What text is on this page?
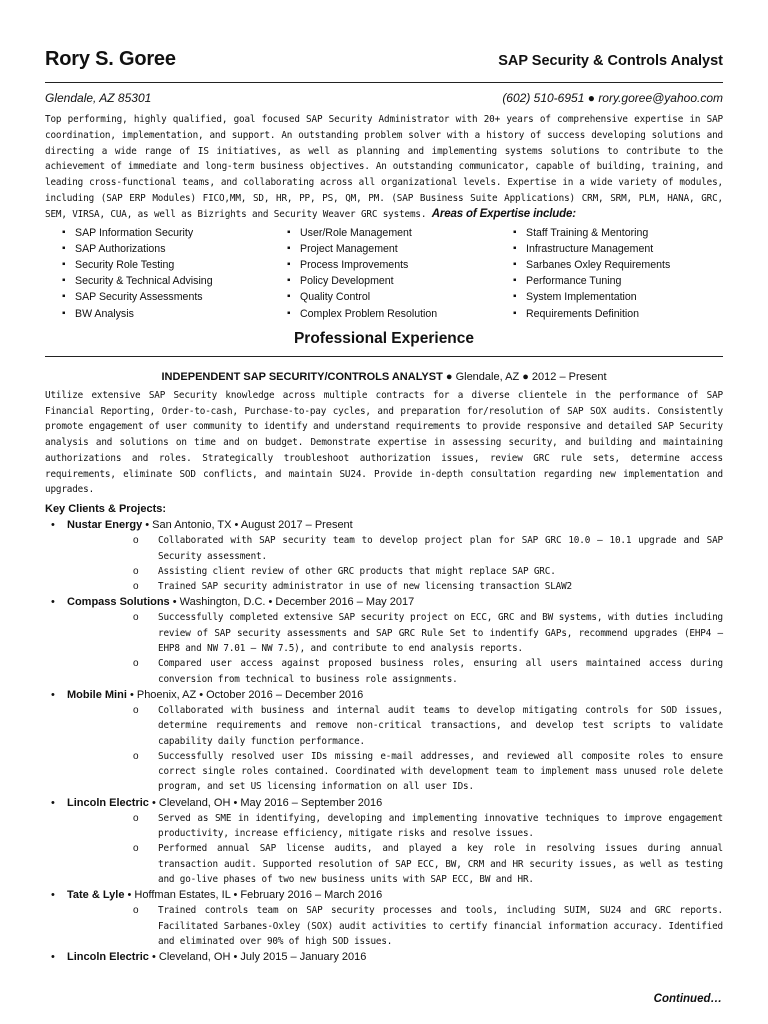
Rory S. Goree	SAP Security & Controls Analyst
Glendale, AZ 85301	(602) 510-6951 ● rory.goree@yahoo.com
Top performing, highly qualified, goal focused SAP Security Administrator with 20+ years of comprehensive expertise in SAP coordination, implementation, and support. An outstanding problem solver with a history of success developing solutions and directing a wide range of IS initiatives, as well as planning and implementing systems solutions to contribute to the achievement of immediate and long-term business objectives. An outstanding communicator, capable of building, training, and leading cross-functional teams, and collaborating across all organizational levels. Expertise in a wide variety of modules, including (SAP ERP Modules) FICO,MM, SD, HR, PP, PS, QM, PM. (SAP Business Suite Applications) CRM, SRM, PLM, HANA, GRC, SEM, VIRSA, CUA, as well as Bizrights and Security Weaver GRC systems. Areas of Expertise include:
▪ SAP Information Security
▪ SAP Authorizations
▪ Security Role Testing
▪ Security & Technical Advising
▪ SAP Security Assessments
▪ BW Analysis
▪ User/Role Management
▪ Project Management
▪ Process Improvements
▪ Policy Development
▪ Quality Control
▪ Complex Problem Resolution
▪ Staff Training & Mentoring
▪ Infrastructure Management
▪ Sarbanes Oxley Requirements
▪ Performance Tuning
▪ System Implementation
▪ Requirements Definition
Professional Experience
INDEPENDENT SAP SECURITY/CONTROLS ANALYST ● Glendale, AZ ● 2012 – Present
Utilize extensive SAP Security knowledge across multiple contracts for a diverse clientele in the performance of SAP Financial Reporting, Order-to-cash, Purchase-to-pay cycles, and preparation for/resolution of SAP SOX audits. Consistently promote engagement of user community to identify and understand requirements to provide responsive and detailed SAP Security analysis and solutions on time and on budget. Demonstrate expertise in assessing security, and building and maintaining authorizations and roles. Strategically troubleshoot authorization issues, review GRC rule sets, determine access requirements, eliminate SOD conflicts, and maintain SU24. Provide in-depth consultation regarding new implementation and upgrades.
Key Clients & Projects:
• Nustar Energy • San Antonio, TX • August 2017 – Present
o Collaborated with SAP security team to develop project plan for SAP GRC 10.0 – 10.1 upgrade and SAP Security assessment.
o Assisting client review of other GRC products that might replace SAP GRC.
o Trained SAP security administrator in use of new licensing transaction SLAW2
• Compass Solutions • Washington, D.C. • December 2016 – May 2017
o Successfully completed extensive SAP security project on ECC, GRC and BW systems, with duties including review of SAP security assessments and SAP GRC Rule Set to indentify GAPs, recommend upgrades (EHP4 – EHP8 and NW 7.01 – NW 7.5), and contribute to end analysis reports.
o Compared user access against proposed business roles, ensuring all users maintained access during conversion from technical to business role assignments.
• Mobile Mini • Phoenix, AZ • October 2016 – December 2016
o Collaborated with business and internal audit teams to develop mitigating controls for SOD issues, determine requirements and remove non-critical transactions, and develop test scripts to validate capability daily function performance.
o Successfully resolved user IDs missing e-mail addresses, and reviewed all composite roles to ensure correct single roles contained. Coordinated with development team to implement mass unused role delete program, and set US licensing information on all user IDs.
• Lincoln Electric • Cleveland, OH • May 2016 – September 2016
o Served as SME in identifying, developing and implementing innovative techniques to improve engagement productivity, increase efficiency, mitigate risks and resolve issues.
o Performed annual SAP license audits, and played a key role in resolving issues during annual transaction audit. Supported resolution of SAP ECC, BW, CRM and HR security issues, as well as testing and go-live phases of two new business units with SAP ECC, BW and HR.
• Tate & Lyle • Hoffman Estates, IL • February 2016 – March 2016
o Trained controls team on SAP security processes and tools, including SUIM, SU24 and GRC reports. Facilitated Sarbanes-Oxley (SOX) audit activities to certify financial information accuracy. Identified and eliminated over 90% of high SOD issues.
• Lincoln Electric • Cleveland, OH • July 2015 – January 2016
Continued…
